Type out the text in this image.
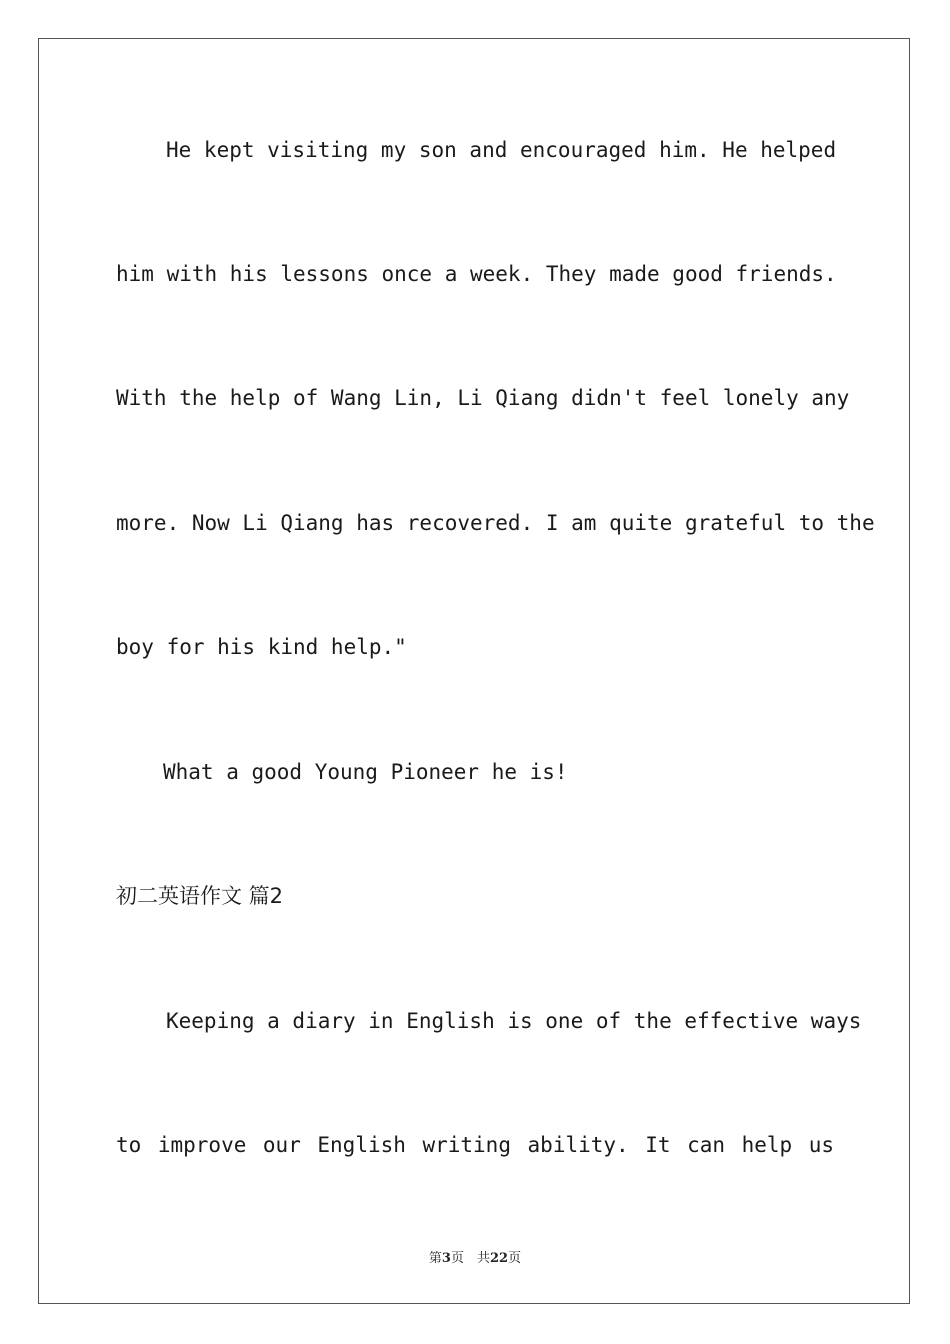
He kept visiting my son and encouraged him. He helped
him with his lessons once a week. They made good friends.
With the help of Wang Lin, Li Qiang didn't feel lonely any
more. Now Li Qiang has recovered. I am quite grateful to the
boy for his kind help."
What a good Young Pioneer he is!
初二英语作文 篇2
Keeping a diary in English is one of the effective ways
to improve our English writing ability. It can help us
第3页　共22页
